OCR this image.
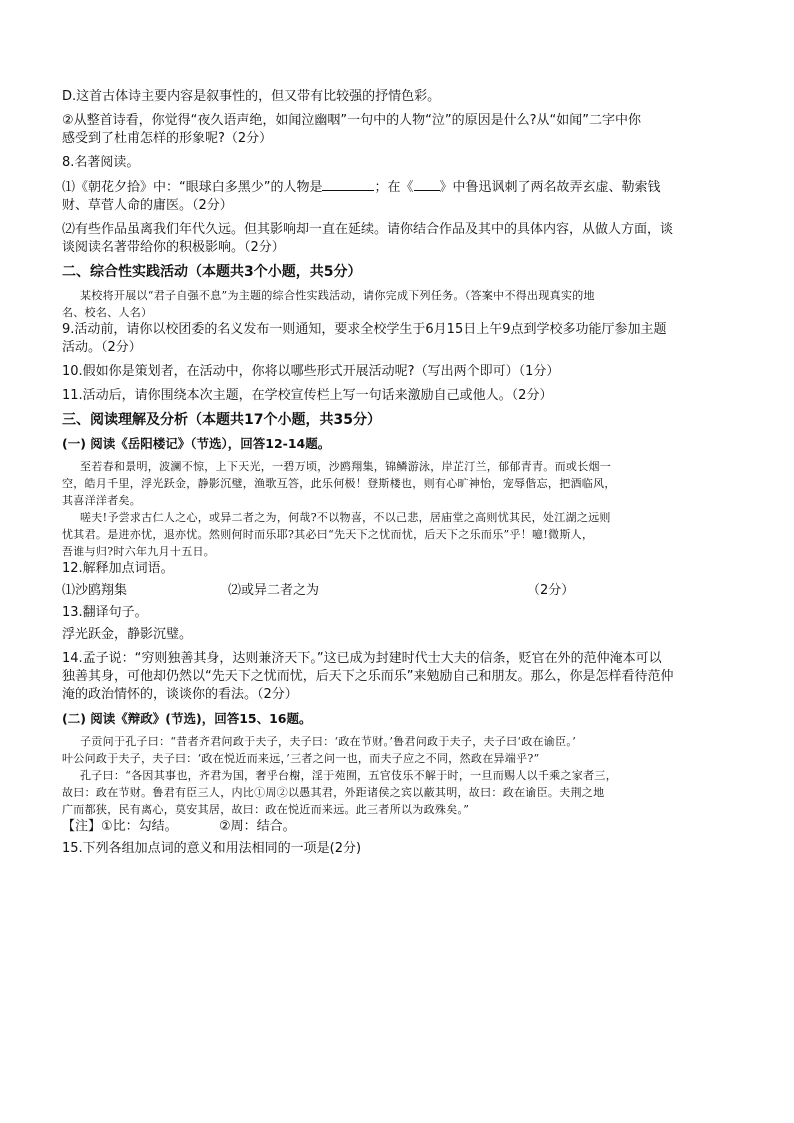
D.这首古体诗主要内容是叙事性的，但又带有比较强的抒情色彩。

②从整首诗看，你觉得“夜久语声绝，如闻泣幽咽”一句中的人物“泣”的原因是什么?从“如闻”二字中你

感受到了杜甫怎样的形象呢?（2分）

8.名著阅读。

⑴《朝花夕拾》中：“眼球白多黑少”的人物是	；在《 》中鲁迅讽刺了两名故弄玄虚、勒索钱

财、草菅人命的庸医。（2分）

⑵有些作品虽离我们年代久远。但其影响却一直在延续。请你结合作品及其中的具体内容，从做人方面，谈

谈阅读名著带给你的积极影响。（2分）

二、综合性实践活动（本题共3个小题，共5分）

某校将开展以“君子自强不息”为主题的综合性实践活动，请你完成下列任务。（答案中不得出现真实的地

名、校名、人名）

9.活动前，请你以校团委的名义发布一则通知，要求全校学生于6月15日上午9点到学校多功能厅参加主题

活动。（2分）

10.假如你是策划者，在活动中，你将以哪些形式开展活动呢?（写出两个即可）（1分）

11.活动后，请你围绕本次主题，在学校宣传栏上写一句话来激励自己或他人。（2分）

三、阅读理解及分析（本题共17个小题，共35分）
(一) 阅读《岳阳楼记》（节选），回答12-14题。

至若春和景明，波澜不惊，上下天光，一碧万顷，沙鸥翔集，锦鳞游泳，岸芷汀兰，郁郁青青。而或长烟一

空，皓月千里，浮光跃金，静影沉璧，渔歌互答，此乐何极！登斯楼也，则有心旷神怡，宠辱偕忘，把酒临风，

其喜洋洋者矣。

嗟夫!予尝求古仁人之心，或异二者之为，何哉?不以物喜，不以己悲，居庙堂之高则忧其民，处江湖之远则

忧其君。是进亦忧，退亦忧。然则何时而乐耶?其必曰“先天下之忧而忧，后天下之乐而乐”乎！噫!微斯人，

吾谁与归?时六年九月十五日。

12.解释加点词语。

⑴沙鸥翔集	⑵或异二者之为	（2分）

13.翻译句子。

浮光跃金，静影沉璧。

14.孟子说：“穷则独善其身，达则兼济天下。”这已成为封建时代士大夫的信条，贬官在外的范仲淹本可以

独善其身，可他却仍然以“先天下之忧而忧，后天下之乐而乐”来勉励自己和朋友。那么，你是怎样看待范仲

淹的政治情怀的，谈谈你的看法。（2分）

(二) 阅读《辩政》(节选)，回答15、16题。

子贡问于孔子曰：“昔者齐君问政于夫子，夫子曰：‘政在节财。’鲁君问政于夫子，夫子曰‘政在谕臣。’

叶公问政于夫子，夫子曰：‘政在悦近而来远，’三者之问一也，而夫子应之不同，然政在异端乎?”

孔子曰：“各因其事也，齐君为国，奢乎台榭，淫于苑囿，五官伎乐不解于时，一旦而赐人以千乘之家者三，

故曰：政在节财。鲁君有臣三人，内比①周②以愚其君，外距诸侯之宾以蔽其明，故曰：政在谕臣。夫荆之地

广而都狭，民有离心，莫安其居，故曰：政在悦近而来远。此三者所以为政殊矣。”

【注】①比：勾结。          ②周：结合。

15.下列各组加点词的意义和用法相同的一项是(2分)
